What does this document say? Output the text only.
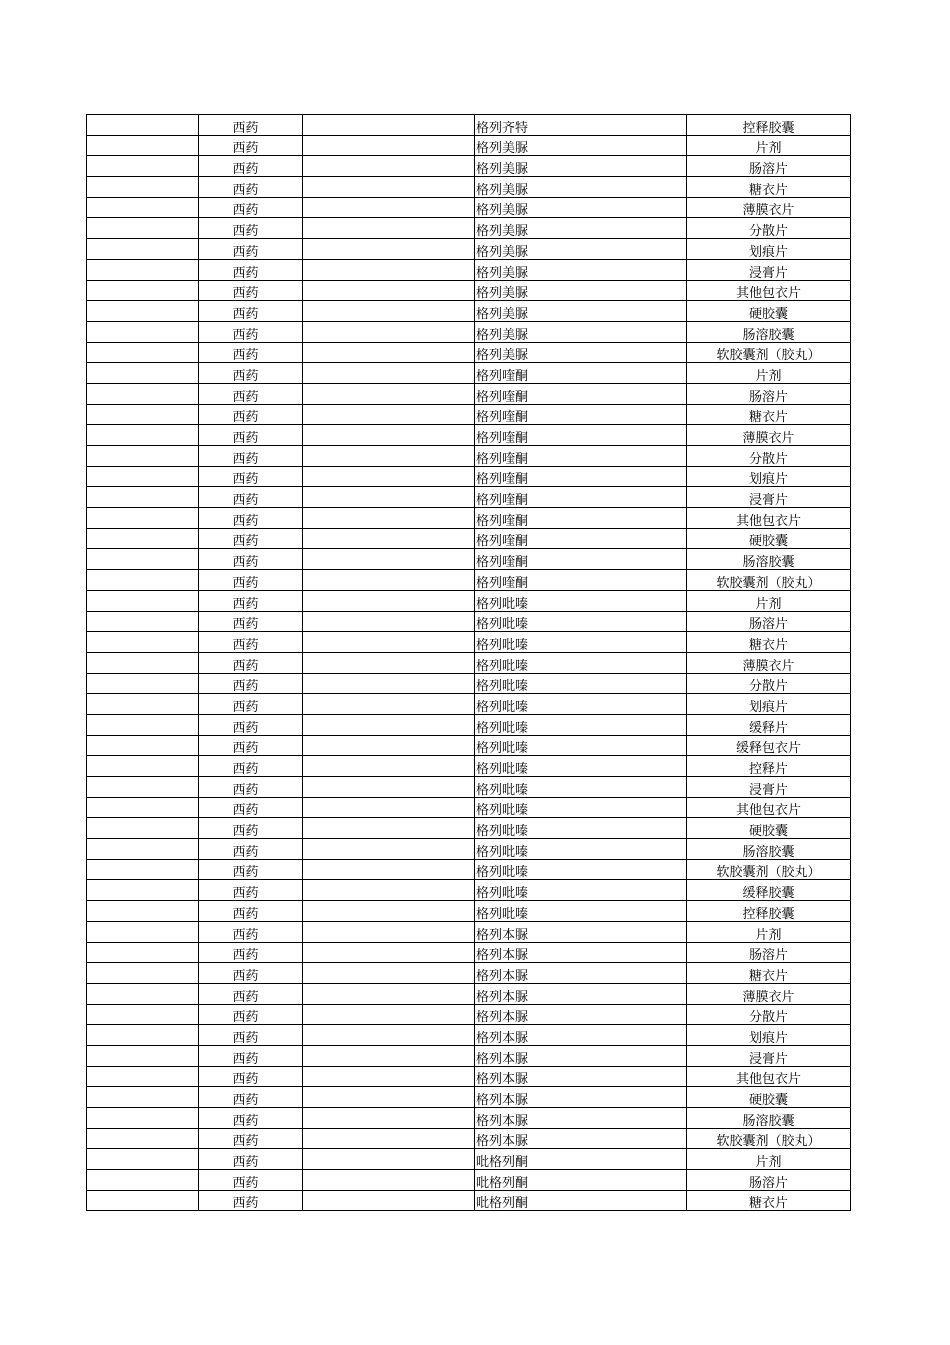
	西药		格列齐特	控释胶囊
	西药		格列美脲	片剂
	西药		格列美脲	肠溶片
	西药		格列美脲	糖衣片
	西药		格列美脲	薄膜衣片
	西药		格列美脲	分散片
	西药		格列美脲	划痕片
	西药		格列美脲	浸膏片
	西药		格列美脲	其他包衣片
	西药		格列美脲	硬胶囊
	西药		格列美脲	肠溶胶囊
	西药		格列美脲	软胶囊剂（胶丸）
	西药		格列喹酮	片剂
	西药		格列喹酮	肠溶片
	西药		格列喹酮	糖衣片
	西药		格列喹酮	薄膜衣片
	西药		格列喹酮	分散片
	西药		格列喹酮	划痕片
	西药		格列喹酮	浸膏片
	西药		格列喹酮	其他包衣片
	西药		格列喹酮	硬胶囊
	西药		格列喹酮	肠溶胶囊
	西药		格列喹酮	软胶囊剂（胶丸）
	西药		格列吡嗪	片剂
	西药		格列吡嗪	肠溶片
	西药		格列吡嗪	糖衣片
	西药		格列吡嗪	薄膜衣片
	西药		格列吡嗪	分散片
	西药		格列吡嗪	划痕片
	西药		格列吡嗪	缓释片
	西药		格列吡嗪	缓释包衣片
	西药		格列吡嗪	控释片
	西药		格列吡嗪	浸膏片
	西药		格列吡嗪	其他包衣片
	西药		格列吡嗪	硬胶囊
	西药		格列吡嗪	肠溶胶囊
	西药		格列吡嗪	软胶囊剂（胶丸）
	西药		格列吡嗪	缓释胶囊
	西药		格列吡嗪	控释胶囊
	西药		格列本脲	片剂
	西药		格列本脲	肠溶片
	西药		格列本脲	糖衣片
	西药		格列本脲	薄膜衣片
	西药		格列本脲	分散片
	西药		格列本脲	划痕片
	西药		格列本脲	浸膏片
	西药		格列本脲	其他包衣片
	西药		格列本脲	硬胶囊
	西药		格列本脲	肠溶胶囊
	西药		格列本脲	软胶囊剂（胶丸）
	西药		吡格列酮	片剂
	西药		吡格列酮	肠溶片
	西药		吡格列酮	糖衣片
